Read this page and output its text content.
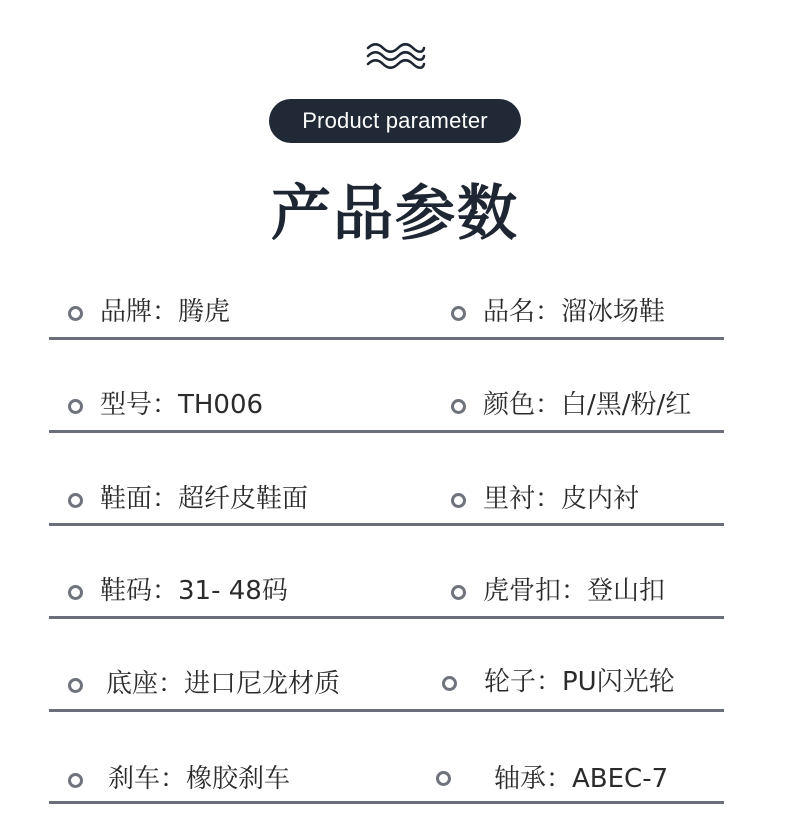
Product parameter
产品参数
品牌：腾虎	品名：溜冰场鞋
型号：TH006	颜色：白/黑/粉/红
鞋面：超纤皮鞋面	里衬：皮内衬
鞋码：31- 48码	虎骨扣：登山扣
底座：进口尼龙材质	轮子：PU闪光轮
刹车：橡胶刹车	轴承：ABEC-7
